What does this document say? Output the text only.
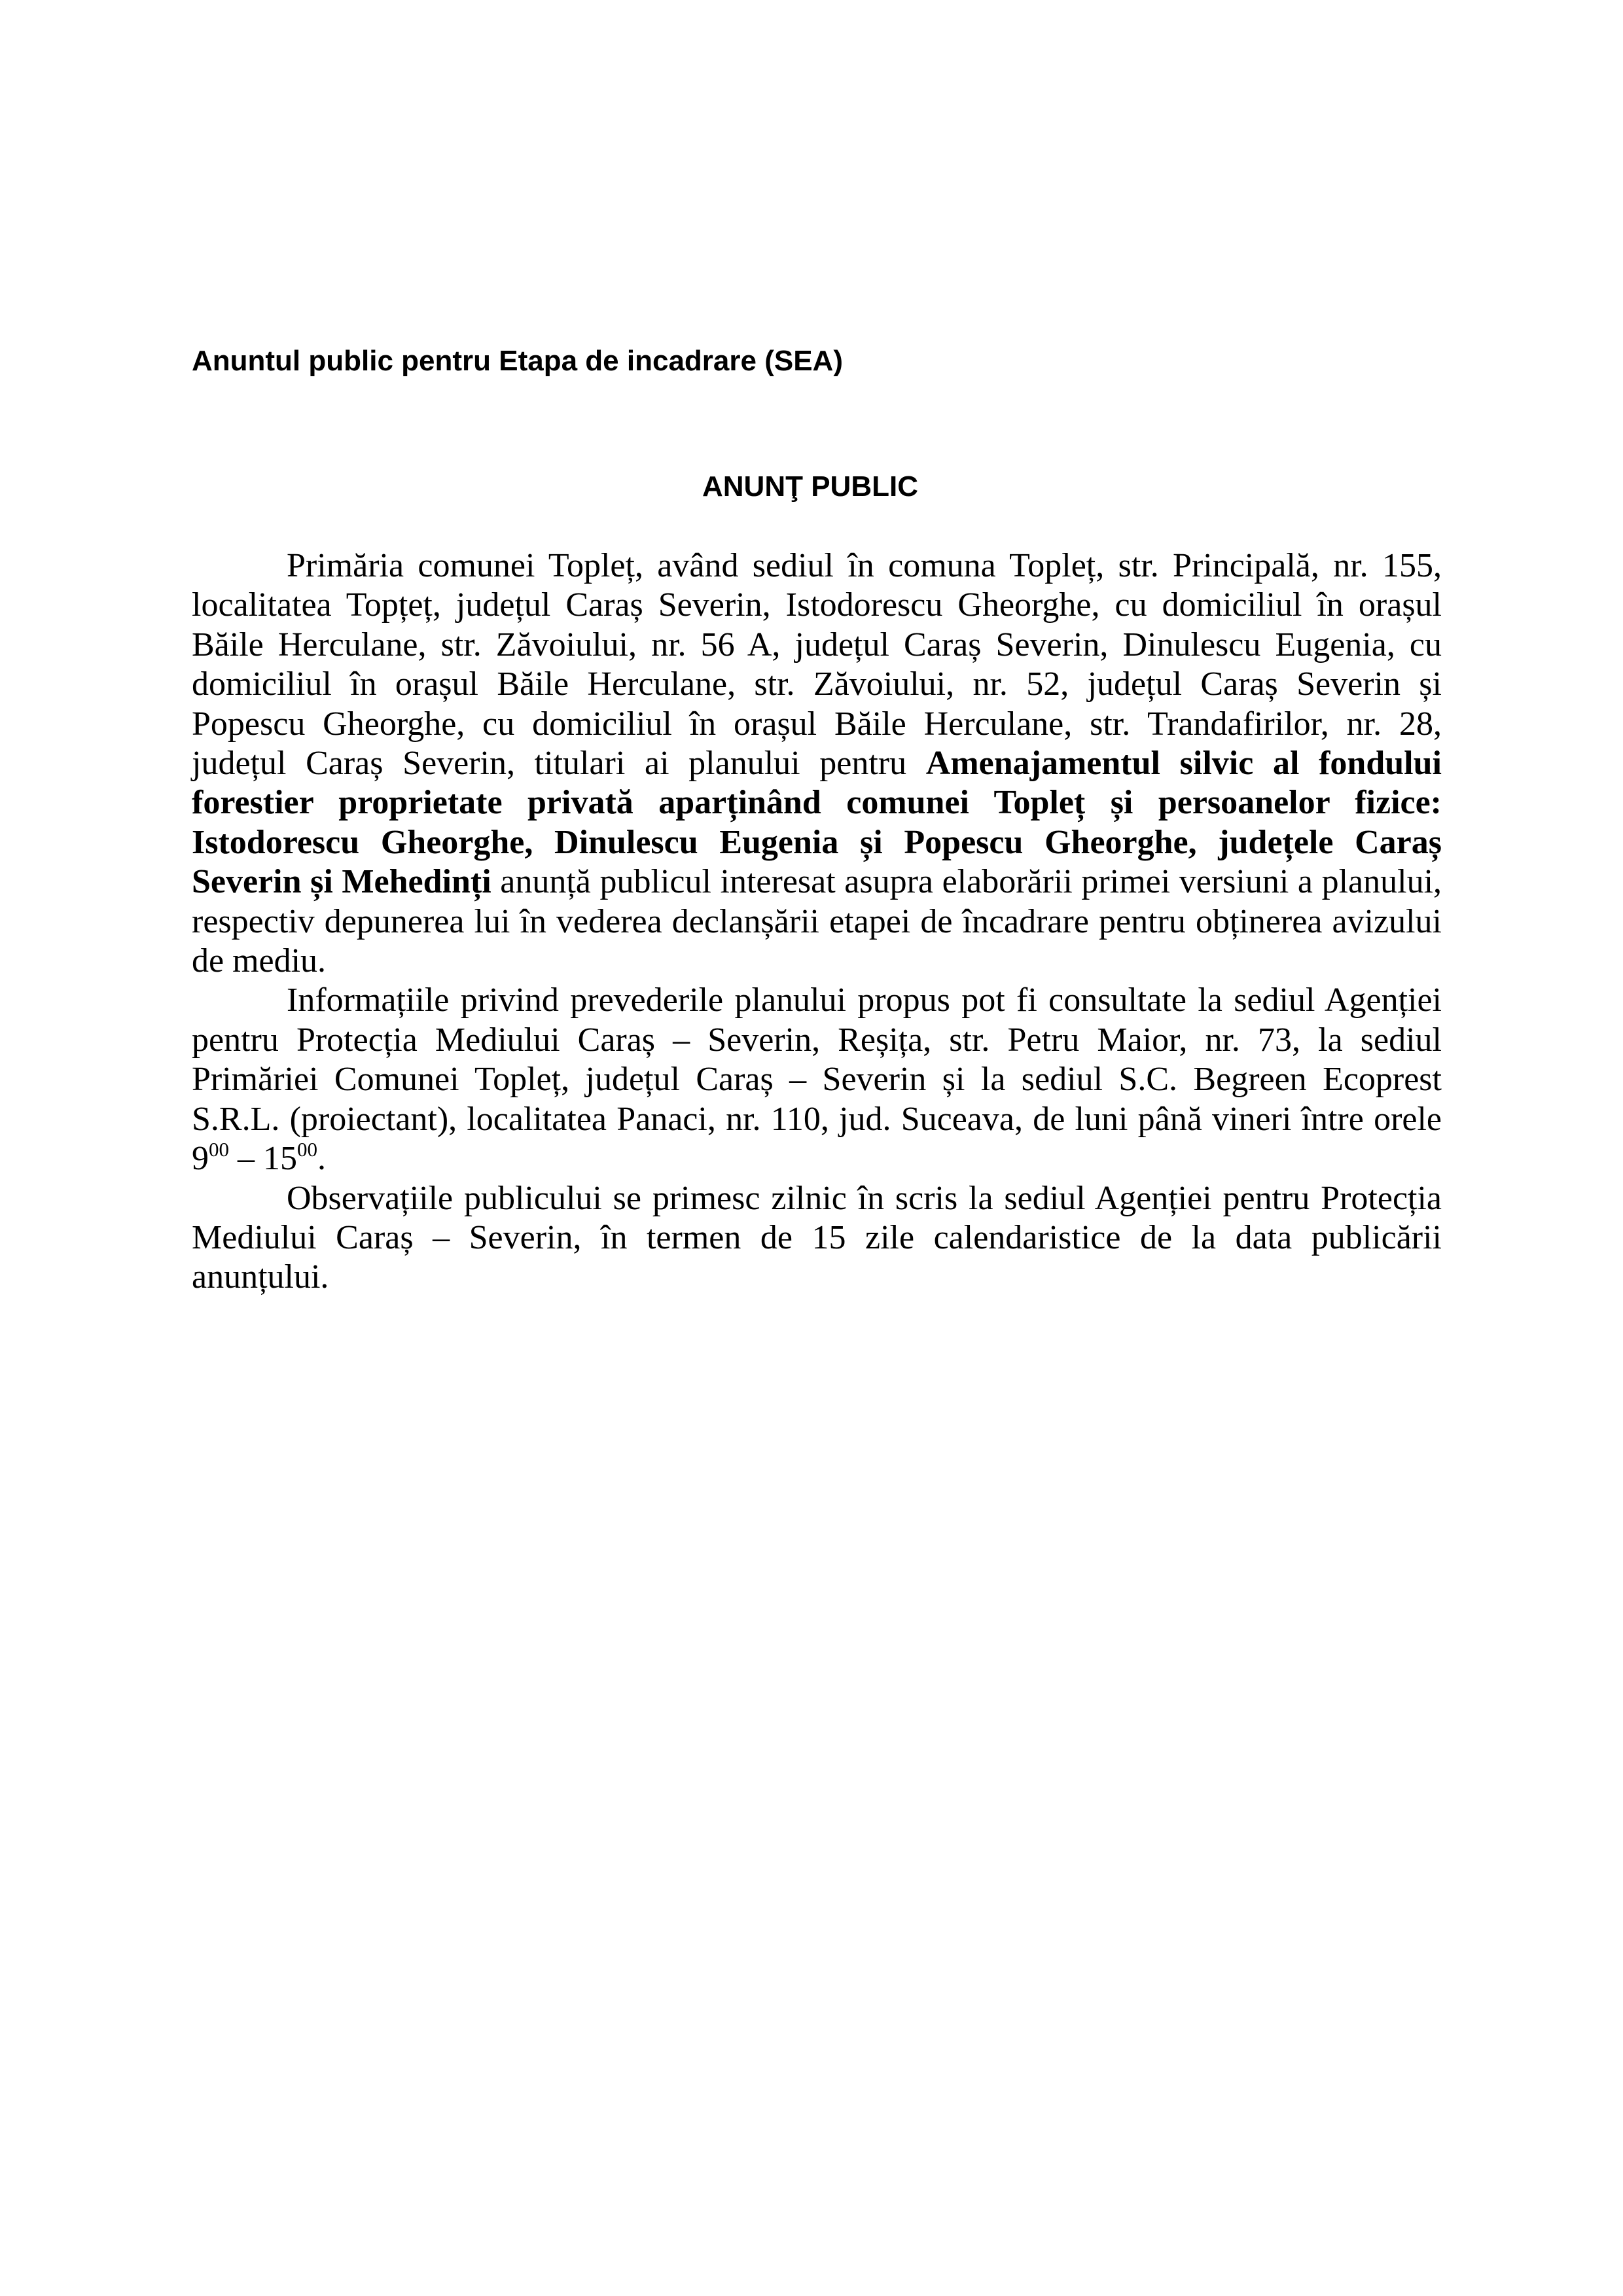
Anuntul public pentru Etapa de incadrare (SEA)
ANUNŢ PUBLIC

Primăria comunei Topleț, având sediul în comuna Topleț, str. Principală, nr. 155, localitatea Topțeț, județul Caraș Severin, Istodorescu Gheorghe, cu domiciliul în orașul Băile Herculane, str. Zăvoiului, nr. 56 A, județul Caraș Severin, Dinulescu Eugenia, cu domiciliul în orașul Băile Herculane, str. Zăvoiului, nr. 52, județul Caraș Severin și Popescu Gheorghe, cu domiciliul în orașul Băile Herculane, str. Trandafirilor, nr. 28, județul Caraș Severin, titulari ai planului pentru Amenajamentul silvic al fondului forestier proprietate privată aparținând comunei Topleț și persoanelor fizice: Istodorescu Gheorghe, Dinulescu Eugenia și Popescu Gheorghe, județele Caraș Severin și Mehedinți anunță publicul interesat asupra elaborării primei versiuni a planului, respectiv depunerea lui în vederea declanșării etapei de încadrare pentru obținerea avizului de mediu.

Informațiile privind prevederile planului propus pot fi consultate la sediul Agenției pentru Protecția Mediului Caraș – Severin, Reșița, str. Petru Maior, nr. 73, la sediul Primăriei Comunei Topleț, județul Caraș – Severin și la sediul S.C. Begreen Ecoprest S.R.L. (proiectant), localitatea Panaci, nr. 110, jud. Suceava, de luni până vineri între orele $9^{00} - 15^{00}$.

Observațiile publicului se primesc zilnic în scris la sediul Agenției pentru Protecția Mediului Caraș – Severin, în termen de 15 zile calendaristice de la data publicării anunțului.
